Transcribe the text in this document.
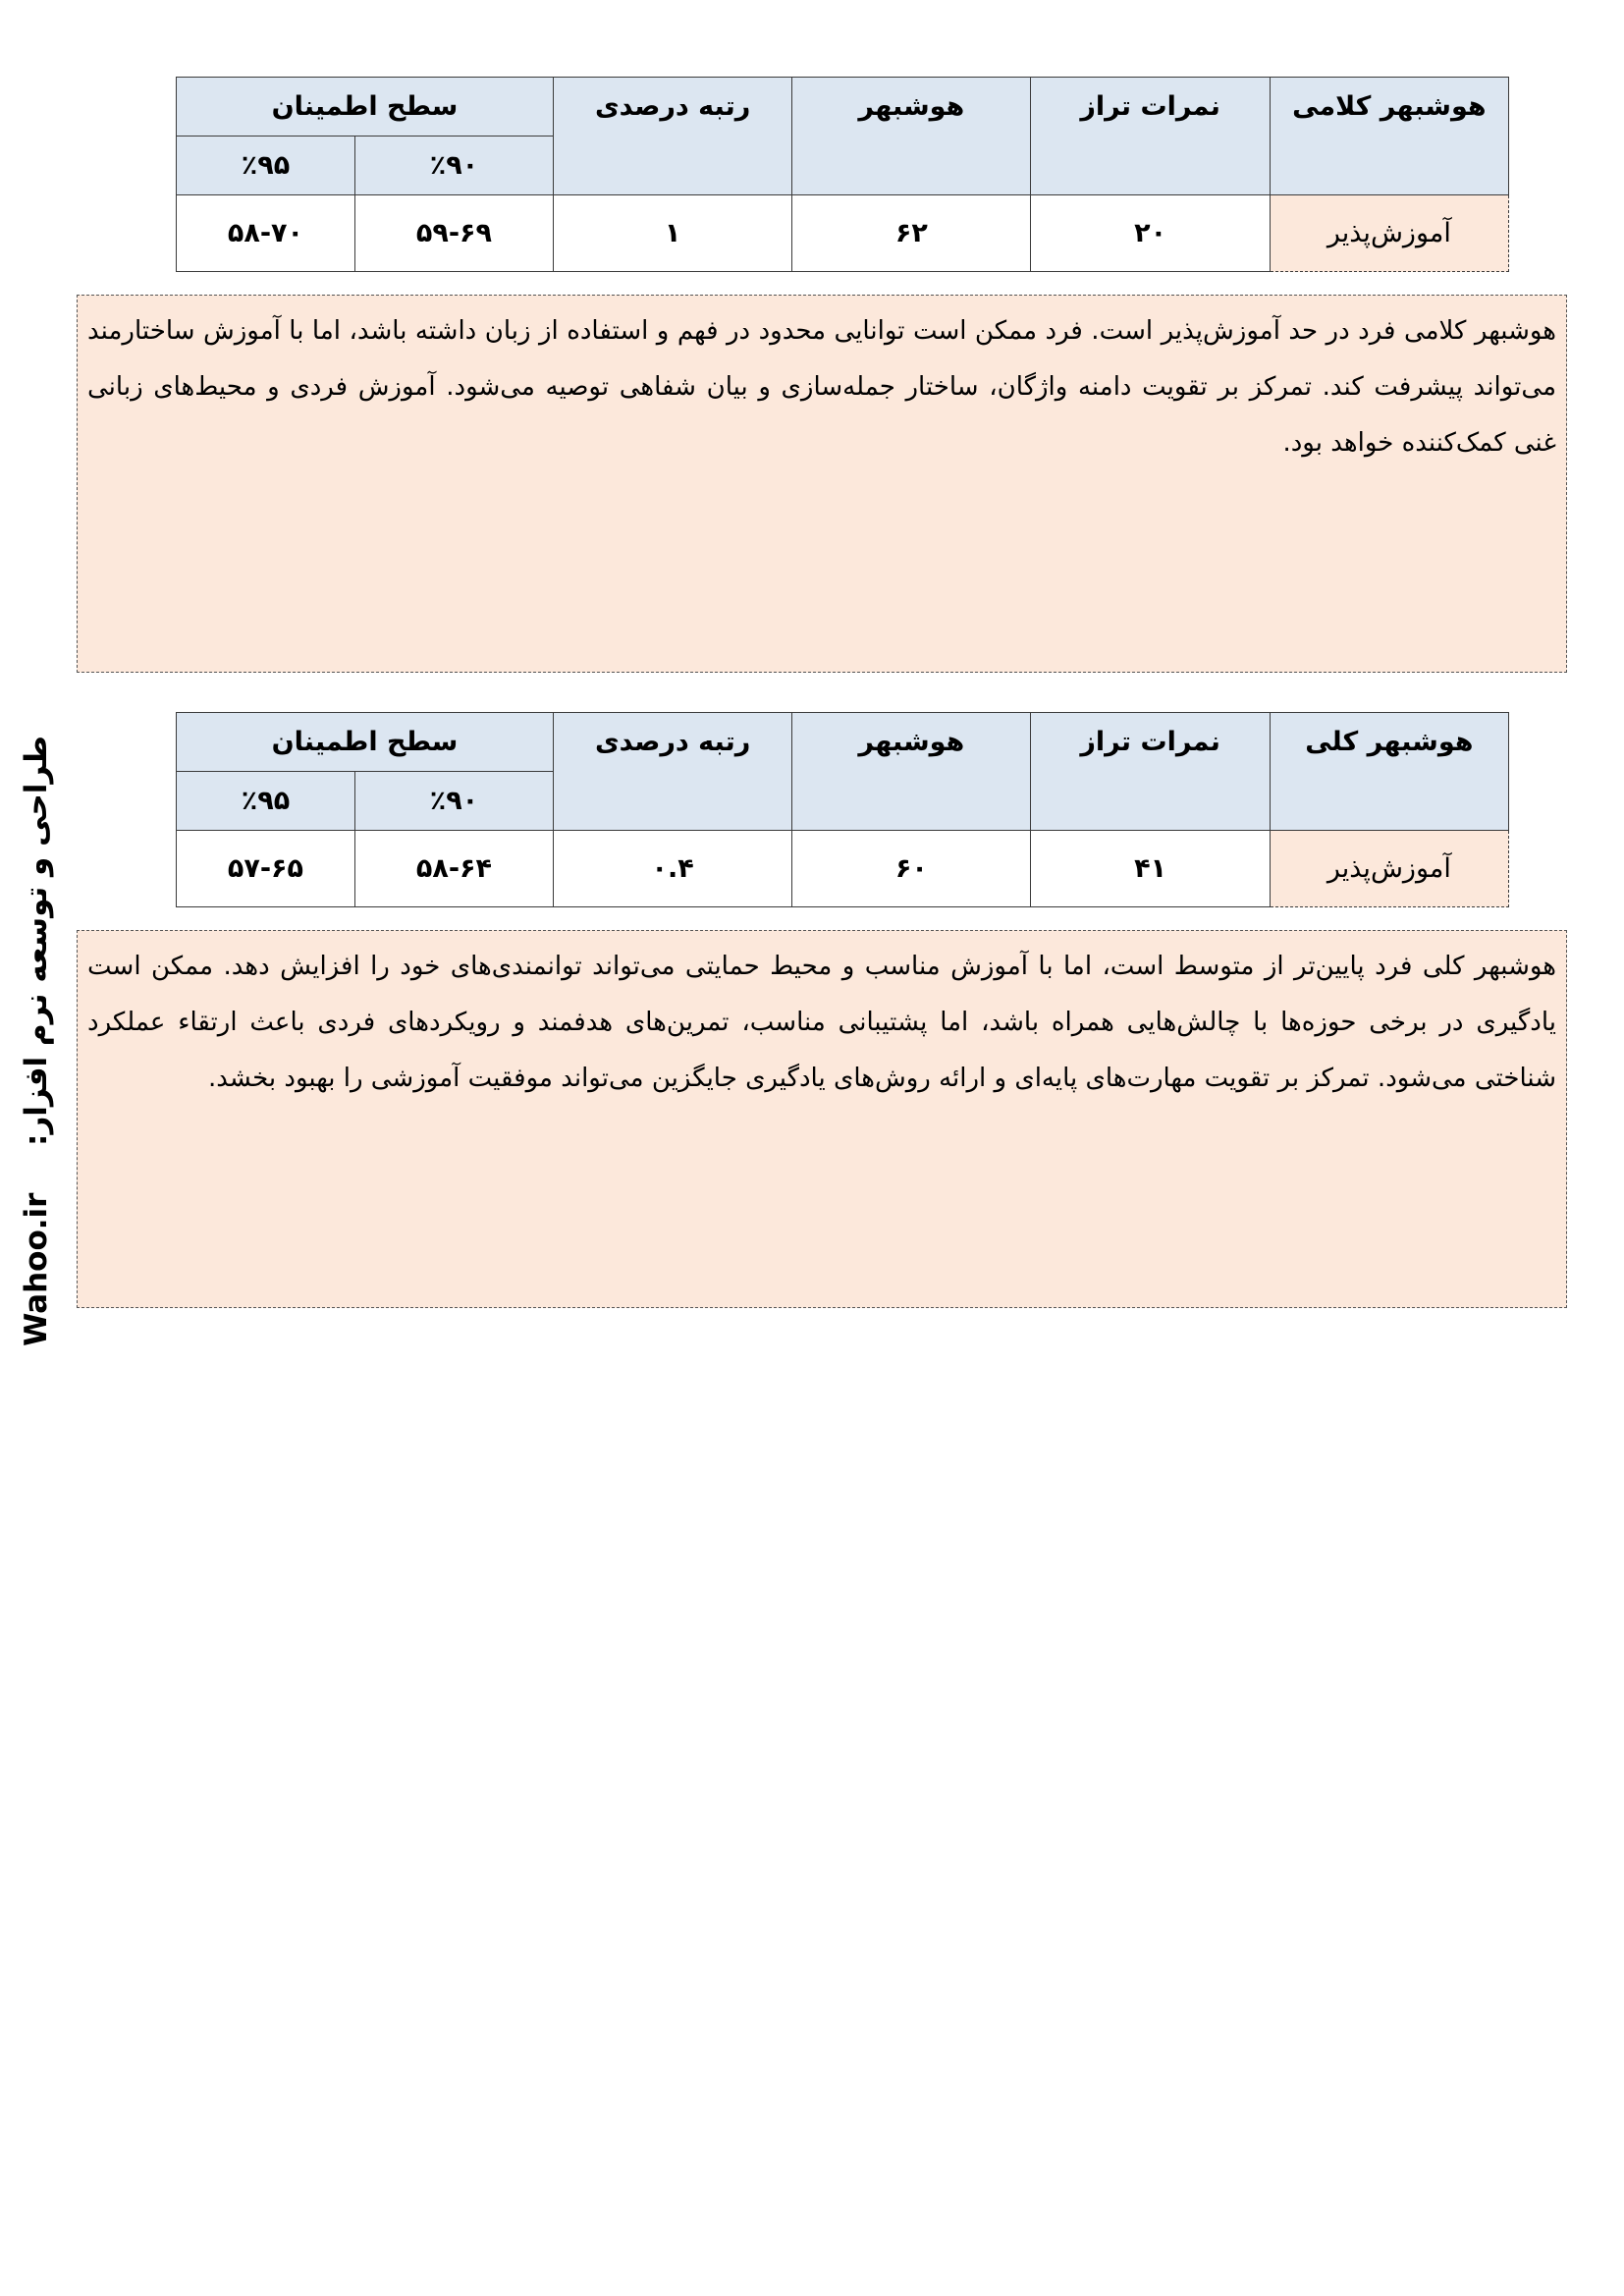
سطح اطمینان		رتبه درصدی	هوشبهر	نمرات تراز	هوشبهر کلامی
٪۹۵	٪۹۰				
۵۸-۷۰	۵۹-۶۹	۱	۶۲	۲۰	آموزش‌پذیر
هوشبهر کلامی فرد در حد آموزش‌پذیر است. فرد ممکن است توانایی محدود در فهم و استفاده از زبان داشته باشد، اما با آموزش ساختارمند می‌تواند پیشرفت کند. تمرکز بر تقویت دامنه واژگان، ساختار جمله‌سازی و بیان شفاهی توصیه می‌شود. آموزش فردی و محیط‌های زبانی غنی کمک‌کننده خواهد بود.
سطح اطمینان		رتبه درصدی	هوشبهر	نمرات تراز	هوشبهر کلی
٪۹۵	٪۹۰				
۵۷-۶۵	۵۸-۶۴	۰.۴	۶۰	۴۱	آموزش‌پذیر
هوشبهر کلی فرد پایین‌تر از متوسط است، اما با آموزش مناسب و محیط حمایتی می‌تواند توانمندی‌های خود را افزایش دهد. ممکن است یادگیری در برخی حوزه‌ها با چالش‌هایی همراه باشد، اما پشتیبانی مناسب، تمرین‌های هدفمند و رویکردهای فردی باعث ارتقاء عملکرد شناختی می‌شود. تمرکز بر تقویت مهارت‌های پایه‌ای و ارائه روش‌های یادگیری جایگزین می‌تواند موفقیت آموزشی را بهبود بخشد.
Wahoo.ir  طراحی و توسعه نرم افزار:
